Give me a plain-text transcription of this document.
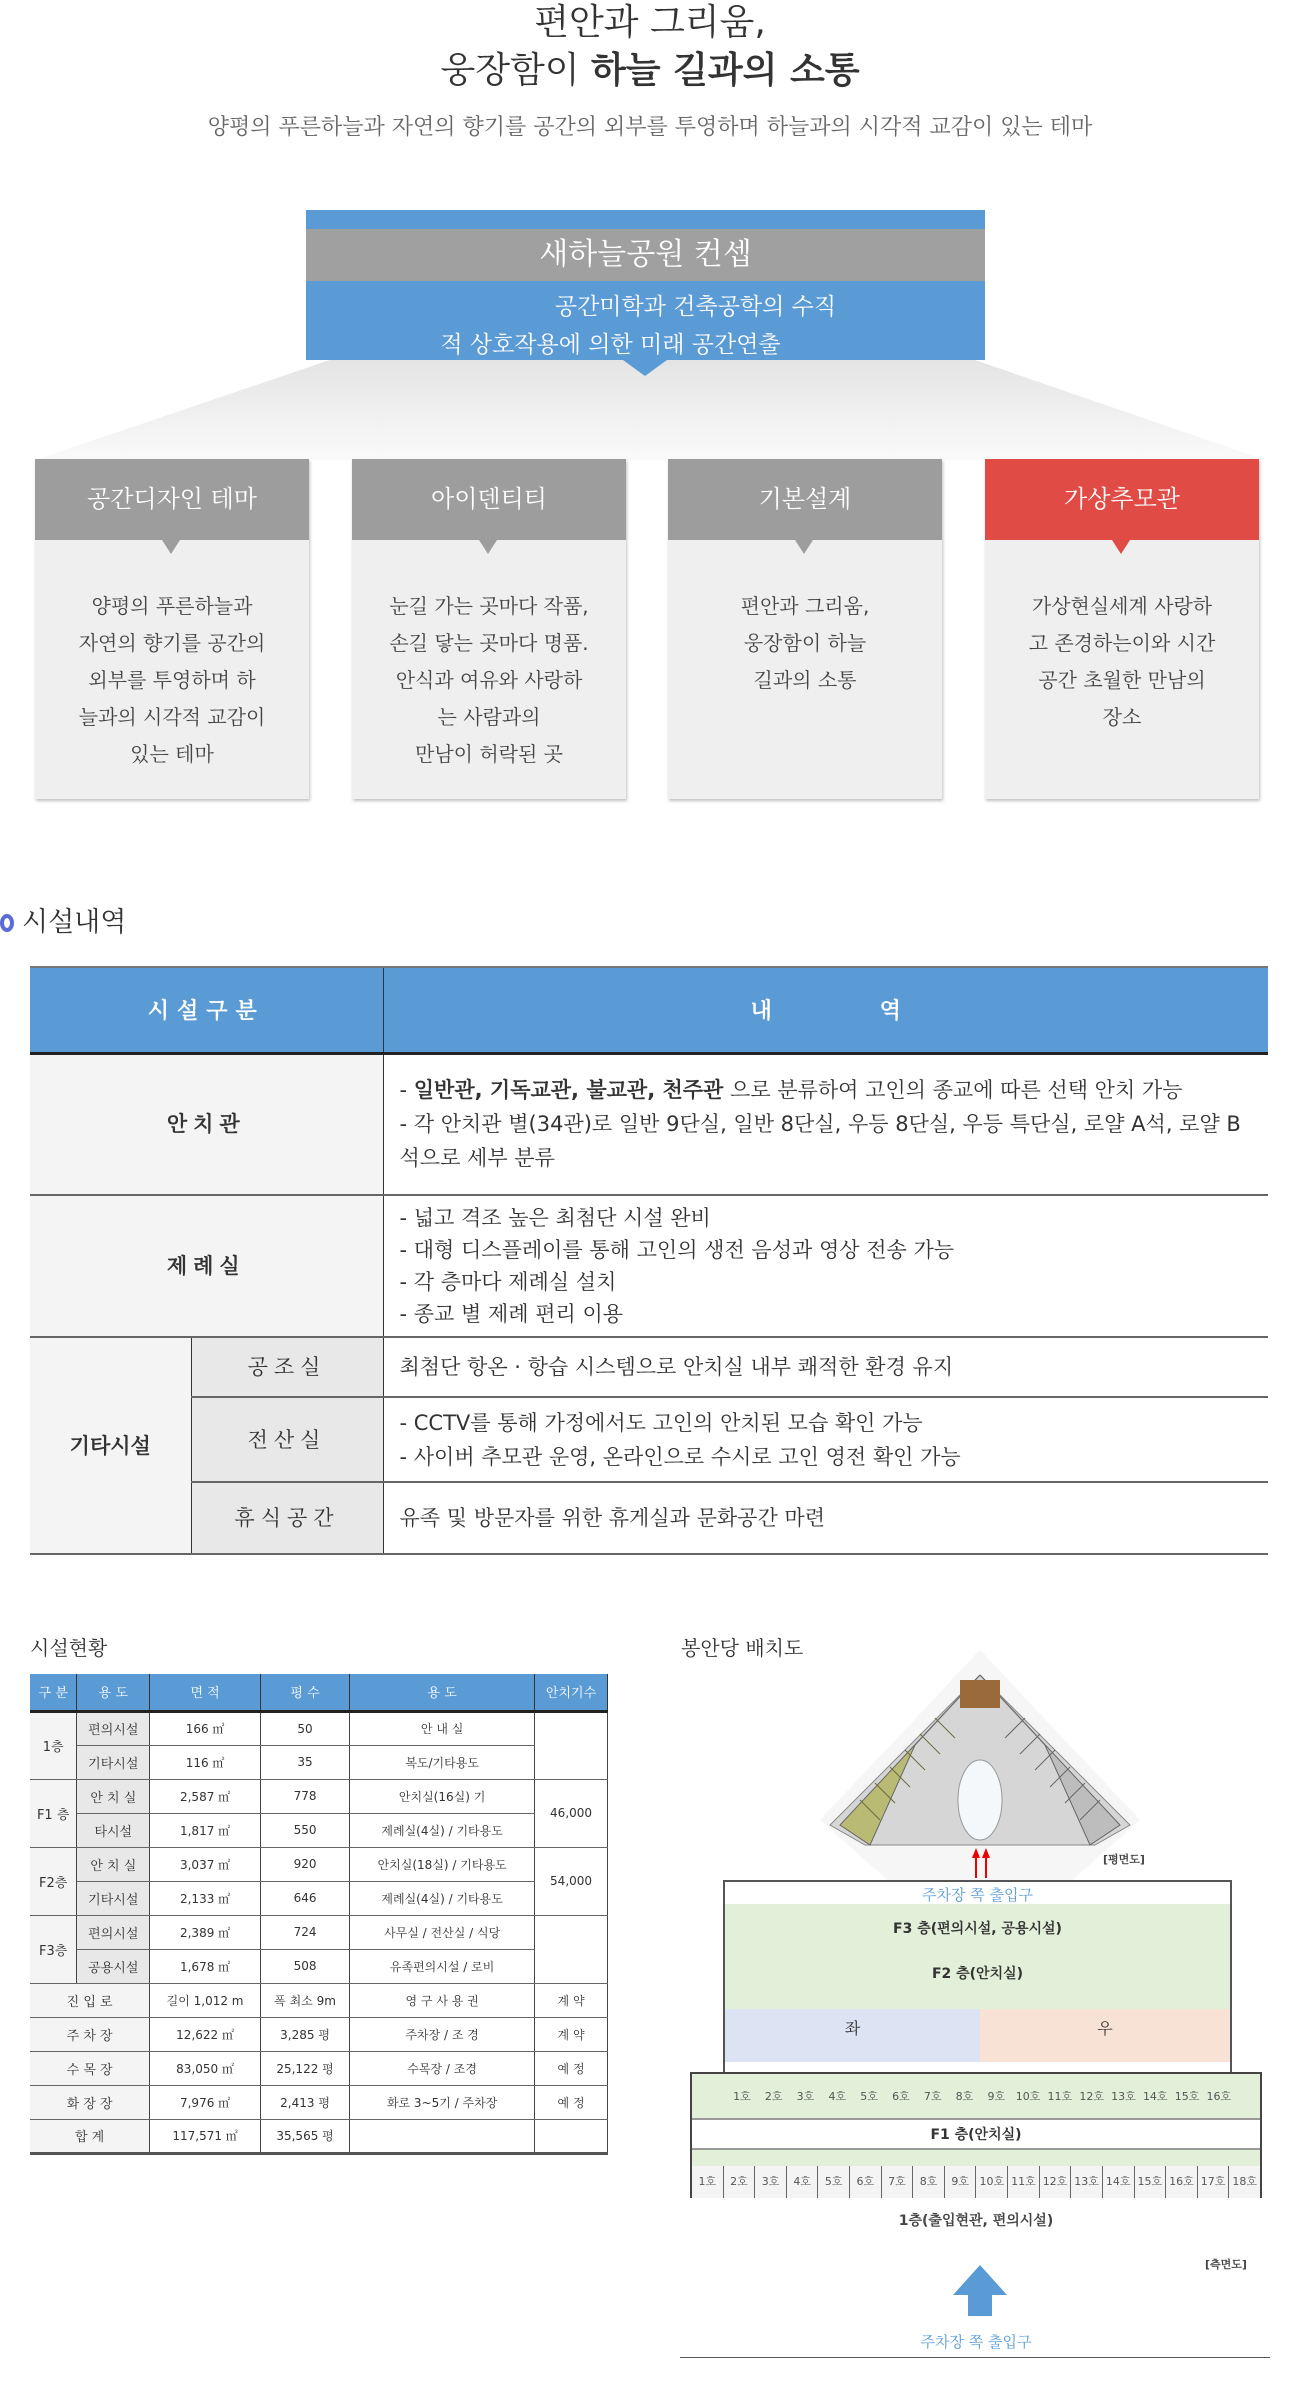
편안과 그리움,
웅장함이 하늘 길과의 소통
양평의 푸른하늘과 자연의 향기를 공간의 외부를 투영하며 하늘과의 시각적 교감이 있는 테마
새하늘공원 컨셉
공간미학과 건축공학의 수직
적 상호작용에 의한 미래 공간연출
공간디자인 테마
양평의 푸른하늘과
자연의 향기를 공간의
외부를 투영하며 하
늘과의 시각적 교감이
있는 테마
아이덴티티
눈길 가는 곳마다 작품,
손길 닿는 곳마다 명품.
안식과 여유와 사랑하
는 사람과의
만남이 허락된 곳
기본설계
편안과 그리움,
웅장함이 하늘
길과의 소통
가상추모관
가상현실세계 사랑하
고 존경하는이와 시간
공간 초월한 만남의
장소
시설내역
시설구분		내 역
안치관		- 일반관, 기독교관, 불교관, 천주관 으로 분류하여 고인의 종교에 따른 선택 안치 가능
- 각 안치관 별(34관)로 일반 9단실, 일반 8단실, 우등 8단실, 우등 특단실, 로얄 A석, 로얄 B석으로 세부 분류

제례실		- 넓고 격조 높은 최첨단 시설 완비
- 대형 디스플레이를 통해 고인의 생전 음성과 영상 전송 가능
- 각 층마다 제례실 설치
- 종교 별 제례 편리 이용

기타시설	공조실	최첨단 항온 · 항습 시스템으로 안치실 내부 쾌적한 환경 유지
	전산실	- CCTV를 통해 가정에서도 고인의 안치된 모습 확인 가능
- 사이버 추모관 운영, 온라인으로 수시로 고인 영전 확인 가능

	휴식공간	유족 및 방문자를 위한 휴게실과 문화공간 마련
시설현황
구 분	용 도	면 적	평 수	용 도	안치기수
1층	편의시설	166 ㎡	50	안 내 실	
	기타시설	116 ㎡	35	복도/기타용도	
F1 층	안 치 실	2,587 ㎡	778	안치실(16실) 기	46,000
	타시설	1,817 ㎡	550	제례실(4실) / 기타용도	
F2층	안 치 실	3,037 ㎡	920	안치실(18실) / 기타용도	54,000
	기타시설	2,133 ㎡	646	제례실(4실) / 기타용도	
F3층	편의시설	2,389 ㎡	724	사무실 / 전산실 / 식당	
	공용시설	1,678 ㎡	508	유족편의시설 / 로비	
진 입 로		길이 1,012 m	폭 최소 9m	영 구 사 용 권	계 약
주 차 장		12,622 ㎡	3,285 평	주차장 / 조 경	계 약
수 목 장		83,050 ㎡	25,122 평	수목장 / 조경	예 정
화 장 장		7,976 ㎡	2,413 평	화로 3~5기 / 주차장	예 정
합 계		117,571 ㎡	35,565 평		
봉안당 배치도
[평면도]
주차장 쪽 출입구
F3 층(편의시설, 공용시설)
F2 층(안치실)
좌	우
1호	2호	3호	4호	5호	6호	7호	8호	9호 10호 11호 12호 13호 14호 15호 16호
F1 층(안치실)
1호	2호	3호	4호	5호	6호	7호	8호	9호 10호 11호 12호 13호 14호 15호 16호 17호 18호
1층(출입현관, 편의시설)
[측면도]
주차장 쪽 출입구
